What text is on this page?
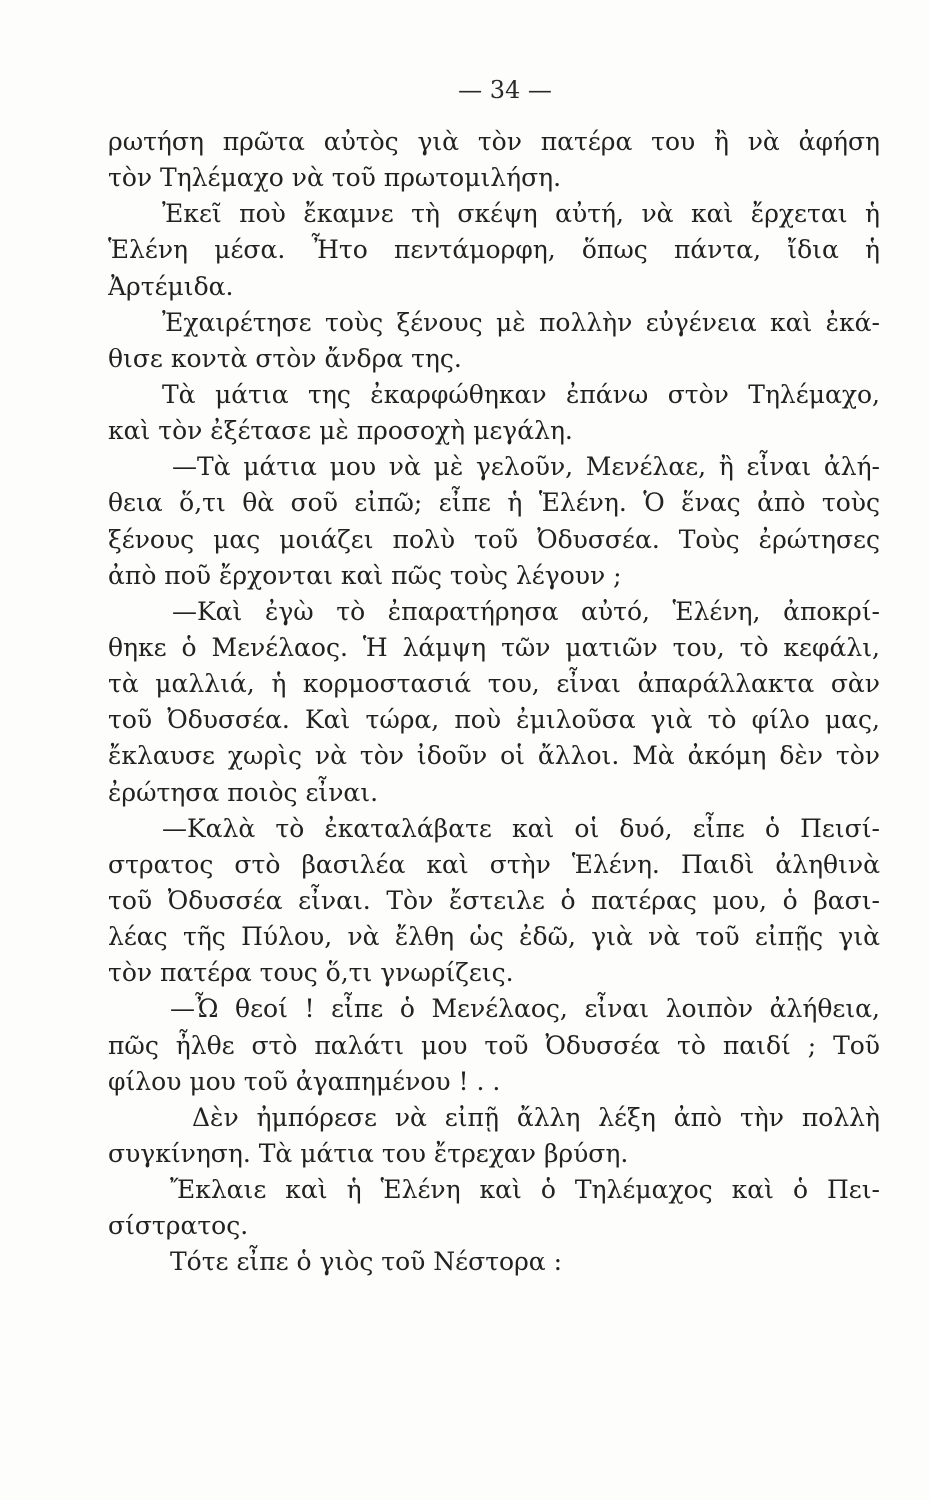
— 34 —
ρωτήση πρῶτα αὐτὸς γιὰ τὸν πατέρα του ἢ νὰ ἀφήση
τὸν Τηλέμαχο νὰ τοῦ πρωτομιλήση.
Ἐκεῖ ποὺ ἔκαμνε τὴ σκέψη αὐτή, νὰ καὶ ἔρχεται ἡ
Ἑλένη μέσα. Ἦτο πεντάμορφη, ὅπως πάντα, ἴδια ἡ
Ἀρτέμιδα.
Ἐχαιρέτησε τοὺς ξένους μὲ πολλὴν εὐγένεια καὶ ἐκά-
θισε κοντὰ στὸν ἄνδρα της.
Τὰ μάτια της ἐκαρφώθηκαν ἐπάνω στὸν Τηλέμαχο,
καὶ τὸν ἐξέτασε μὲ προσοχὴ μεγάλη.
—Τὰ μάτια μου νὰ μὲ γελοῦν, Μενέλαε, ἢ εἶναι ἀλή-
θεια ὅ,τι θὰ σοῦ εἰπῶ; εἶπε ἡ Ἑλένη. Ὁ ἕνας ἀπὸ τοὺς
ξένους μας μοιάζει πολὺ τοῦ Ὀδυσσέα. Τοὺς ἐρώτησες
ἀπὸ ποῦ ἔρχονται καὶ πῶς τοὺς λέγουν ;
—Καὶ ἐγὼ τὸ ἐπαρατήρησα αὐτό, Ἑλένη, ἀποκρί-
θηκε ὁ Μενέλαος. Ἡ λάμψη τῶν ματιῶν του, τὸ κεφάλι,
τὰ μαλλιά, ἡ κορμοστασιά του, εἶναι ἀπαράλλακτα σὰν
τοῦ Ὀδυσσέα. Καὶ τώρα, ποὺ ἐμιλοῦσα γιὰ τὸ φίλο μας,
ἔκλαυσε χωρὶς νὰ τὸν ἰδοῦν οἱ ἄλλοι. Μὰ ἀκόμη δὲν τὸν
ἐρώτησα ποιὸς εἶναι.
—Καλὰ τὸ ἐκαταλάβατε καὶ οἱ δυό, εἶπε ὁ Πεισί-
στρατος στὸ βασιλέα καὶ στὴν Ἑλένη. Παιδὶ ἀληθινὰ
τοῦ Ὀδυσσέα εἶναι. Τὸν ἔστειλε ὁ πατέρας μου, ὁ βασι-
λέας τῆς Πύλου, νὰ ἔλθη ὡς ἐδῶ, γιὰ νὰ τοῦ εἰπῇς γιὰ
τὸν πατέρα τους ὅ,τι γνωρίζεις.
—Ὦ θεοί ! εἶπε ὁ Μενέλαος, εἶναι λοιπὸν ἀλήθεια,
πῶς ἦλθε στὸ παλάτι μου τοῦ Ὀδυσσέα τὸ παιδί ; Τοῦ
φίλου μου τοῦ ἀγαπημένου ! . .
Δὲν ἠμπόρεσε νὰ εἰπῇ ἄλλη λέξη ἀπὸ τὴν πολλὴ
συγκίνηση. Τὰ μάτια του ἔτρεχαν βρύση.
Ἔκλαιε καὶ ἡ Ἑλένη καὶ ὁ Τηλέμαχος καὶ ὁ Πει-
σίστρατος.
Τότε εἶπε ὁ γιὸς τοῦ Νέστορα :
